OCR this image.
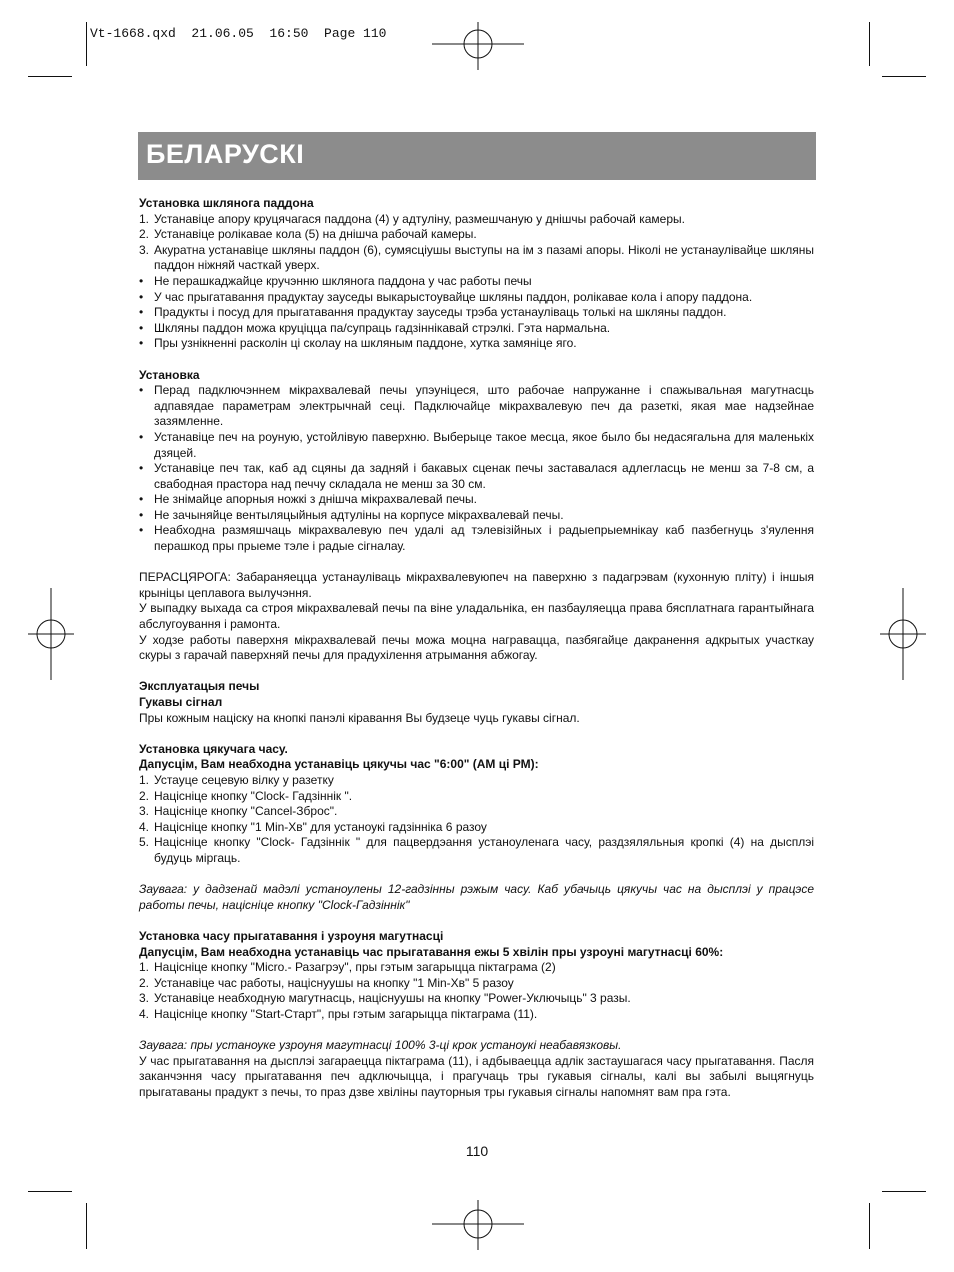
Vt-1668.qxd  21.06.05  16:50  Page 110
БЕЛАРУСКІ

Установка шклянога паддона

1. Устанавіце апору круцячагася паддона (4) у адтуліну, размешчаную у днішчы рабочай камеры.
2. Устанавіце ролікавае кола (5) на днішча рабочай камеры.
3. Акуратна устанавіце шкляны паддон (6), сумясціушы выступы на ім з пазамі апоры. Ніколі не устанаулівайце шкляны паддон ніжняй часткай уверх.
• Не перашкаджайце кручэнню шклянога паддона у час работы печы
• У час прыгатавання прадуктау зауседы выкарыстоувайце шкляны паддон, ролікавае кола і апору паддона.
• Прадукты і посуд для прыгатавання прадуктау зауседы трэба устанауліваць толькі на шкляны паддон.
• Шкляны паддон можа круціцца па/супраць гадзіннікавай стрэлкі. Гэта нармальна.
• Пры узнікненні расколін ці сколау на шкляным паддоне, хутка замяніце яго.

Установка

• Перад падключэннем мікрахвалевай печы упэуніцеся, што рабочае напружанне і спажывальная магутнасць адпавядае параметрам электрычнай сеці. Падключайце мікрахвалевую печ да разеткі, якая мае надзейнае зазямленне.
• Устанавіце печ на роуную, устойлівую паверхню. Выберыце такое месца, якое было бы недасягальна для маленькіх дзяцей.
• Устанавіце печ так, каб ад сцяны да задняй і бакавых сценак печы заставалася адлегласць не менш за 7-8 см, а свабодная прастора над печчу складала не менш за 30 см.
• Не знімайце апорныя ножкі з днішча мікрахвалевай печы.
• Не зачыняйце вентыляцыйныя адтуліны на корпусе мікрахвалевай печы.
• Неабходна размяшчаць мікрахвалевую печ удалі ад тэлевізійных і радыепрыемнікау каб пазбегнуць з'яулення перашкод пры прыеме тэле і радые сігналау.

ПЕРАСЦЯРОГА: Забараняецца устанауліваць мікрахвалевуюпеч на паверхню з падагрэвам (кухонную пліту) і іншыя крыніцы цеплавога вылучэння.

У выпадку выхада са строя мікрахвалевай печы па віне уладальніка, ен пазбауляецца права бясплатнага гарантыйнага абслугоування і рамонта.

У ходзе работы паверхня мікрахвалевай печы можа моцна награвацца, пазбягайце дакранення адкрытых участкау скуры з гарачай паверхняй печы для прадухілення атрымання абжогау.

Эксплуатацыя печы

Гукавы сігнал

Пры кожным націску на кнопкі панэлі кіравання Вы будзеце чуць гукавы сігнал.

Установка цякучага часу.

Дапусцім, Вам неабходна устанавіць цякучы час "6:00" (АМ ці РМ):

1. Устауце сецевую вілку у разетку
2. Націсніце кнопку "Clock- Гадзіннік ".
3. Націсніце кнопку "Cancel-Збрoс".
4. Націсніце кнопку "1 Min-Хв" для устаноукі гадзінніка 6 разоу
5. Націсніце кнопку "Clock- Гадзіннік " для пацвердэання устаноуленага часу, раздзяляльныя кропкі (4) на дысплэі будуць міргаць.

Заувага: у дадзенай мадэлі устаноулены 12-гадзінны рэжым часу. Каб убачыць цякучы час на дысплэі у працэсе работы печы, націсніце кнопку "Clock-Гадзіннік"

Установка часу прыгатавання і узроуня магутнасці

Дапусцім, Вам неабходна устанавіць час прыгатавання ежы 5 хвілін пры узроуні магутнасці 60%:

1. Націсніце кнопку "Micro.- Разагрэу", пры гэтым загарыцца піктаграма (2)
2. Устанавіце час работы, націснуушы на кнопку "1 Min-Хв" 5 разоу
3. Устанавіце неабходную магутнасць, націснуушы на кнопку "Power-Уключыць" 3 разы.
4. Націсніце кнопку "Start-Старт", пры гэтым загарыцца піктаграма (11).

Заувага: пры устаноуке узроуня магутнасці 100% 3-ці крок устаноукі неабавязковы.

У час прыгатавання на дысплэі загараецца піктаграма (11), і адбываецца адлік застаушагася часу прыгатавання. Пасля заканчэння часу прыгатавання печ адключыцца, і прагучаць тры гукавыя сігналы, калі вы забылі выцягнуць прыгатаваны прадукт з печы, то праз дзве хвіліны паутoрныя тры гукавыя сігналы напомнят вам пра гэта.

110
